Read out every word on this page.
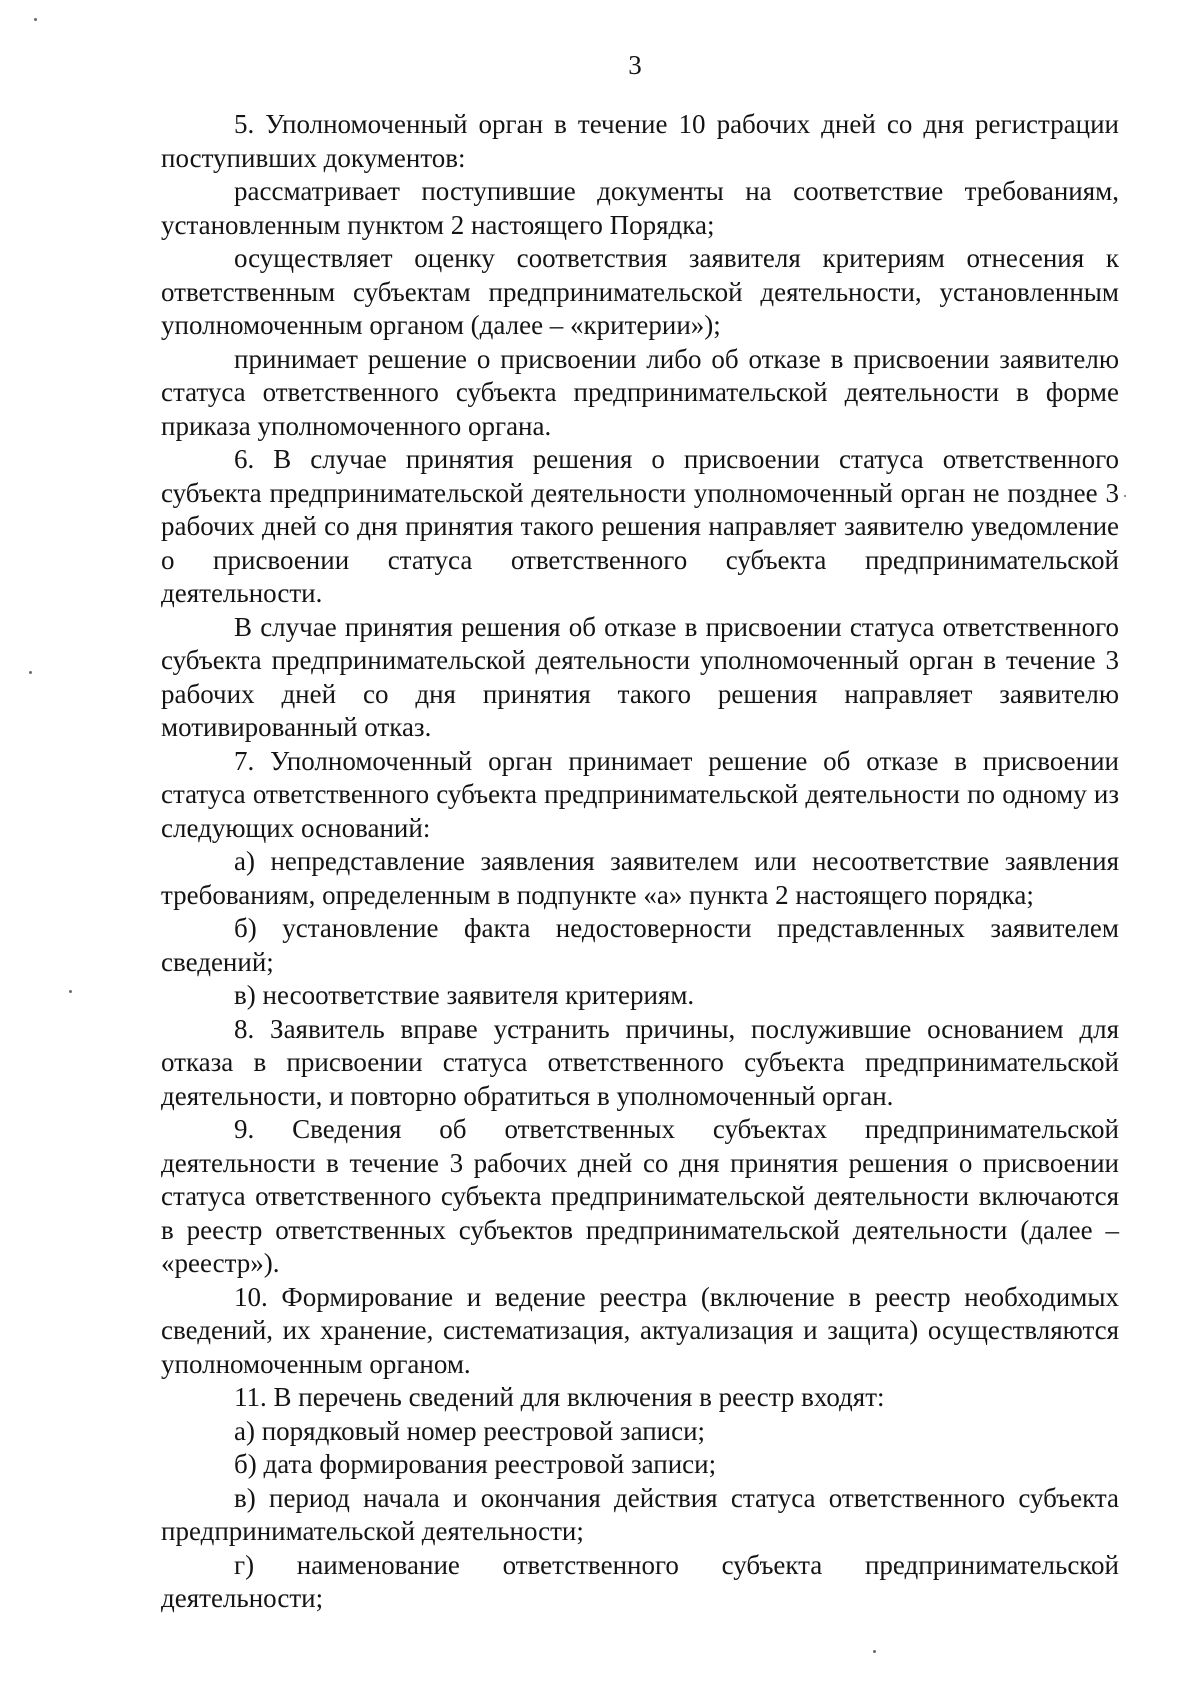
3

5. Уполномоченный орган в течение 10 рабочих дней со дня регистрации поступивших документов:

рассматривает поступившие документы на соответствие требованиям, установленным пунктом 2 настоящего Порядка;

осуществляет оценку соответствия заявителя критериям отнесения к ответственным субъектам предпринимательской деятельности, установленным уполномоченным органом (далее – «критерии»);

принимает решение о присвоении либо об отказе в присвоении заявителю статуса ответственного субъекта предпринимательской деятельности в форме приказа уполномоченного органа.

6. В случае принятия решения о присвоении статуса ответственного субъекта предпринимательской деятельности уполномоченный орган не позднее 3 рабочих дней со дня принятия такого решения направляет заявителю уведомление о присвоении статуса ответственного субъекта предпринимательской деятельности.

В случае принятия решения об отказе в присвоении статуса ответственного субъекта предпринимательской деятельности уполномоченный орган в течение 3 рабочих дней со дня принятия такого решения направляет заявителю мотивированный отказ.

7. Уполномоченный орган принимает решение об отказе в присвоении статуса ответственного субъекта предпринимательской деятельности по одному из следующих оснований:

а) непредставление заявления заявителем или несоответствие заявления требованиям, определенным в подпункте «а» пункта 2 настоящего порядка;

б) установление факта недостоверности представленных заявителем сведений;

в) несоответствие заявителя критериям.

8. Заявитель вправе устранить причины, послужившие основанием для отказа в присвоении статуса ответственного субъекта предпринимательской деятельности, и повторно обратиться в уполномоченный орган.

9. Сведения об ответственных субъектах предпринимательской деятельности в течение 3 рабочих дней со дня принятия решения о присвоении статуса ответственного субъекта предпринимательской деятельности включаются в реестр ответственных субъектов предпринимательской деятельности (далее – «реестр»).

10. Формирование и ведение реестра (включение в реестр необходимых сведений, их хранение, систематизация, актуализация и защита) осуществляются уполномоченным органом.

11. В перечень сведений для включения в реестр входят:

а) порядковый номер реестровой записи;

б) дата формирования реестровой записи;

в) период начала и окончания действия статуса ответственного субъекта предпринимательской деятельности;

г) наименование ответственного субъекта предпринимательской деятельности;
